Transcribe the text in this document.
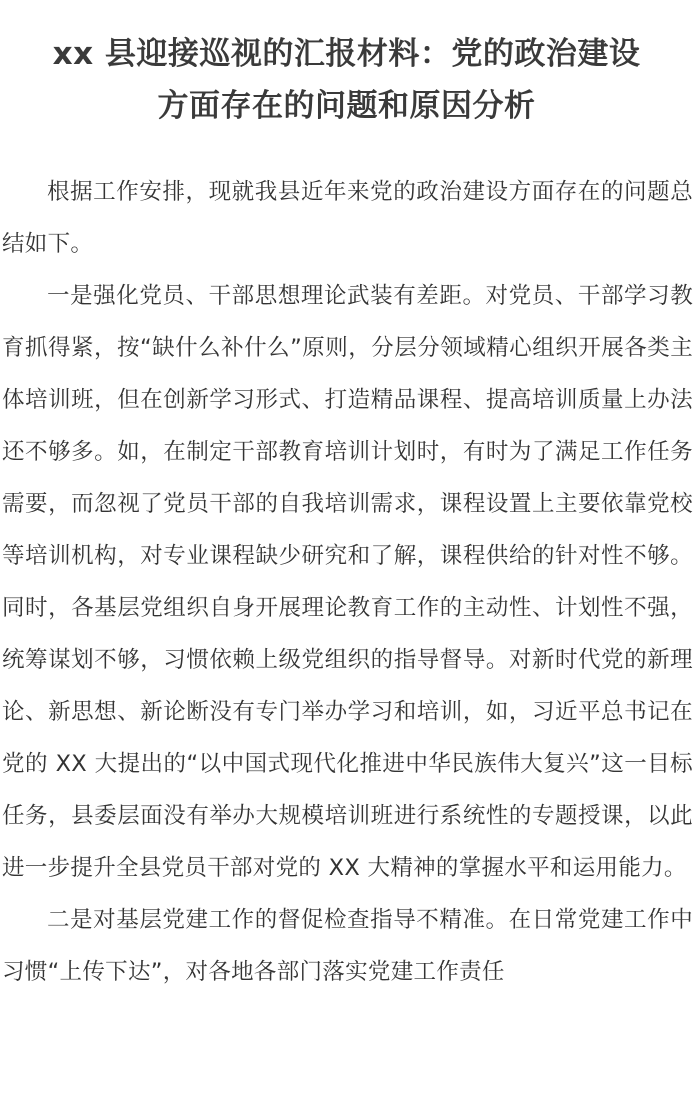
xx 县迎接巡视的汇报材料：党的政治建设
方面存在的问题和原因分析

根据工作安排，现就我县近年来党的政治建设方面存在的问题总结如下。

一是强化党员、干部思想理论武装有差距。对党员、干部学习教育抓得紧，按“缺什么补什么”原则，分层分领域精心组织开展各类主体培训班，但在创新学习形式、打造精品课程、提高培训质量上办法还不够多。如，在制定干部教育培训计划时，有时为了满足工作任务需要，而忽视了党员干部的自我培训需求，课程设置上主要依靠党校等培训机构，对专业课程缺少研究和了解，课程供给的针对性不够。同时，各基层党组织自身开展理论教育工作的主动性、计划性不强，统筹谋划不够，习惯依赖上级党组织的指导督导。对新时代党的新理论、新思想、新论断没有专门举办学习和培训，如，习近平总书记在党的 XX 大提出的“以中国式现代化推进中华民族伟大复兴”这一目标任务，县委层面没有举办大规模培训班进行系统性的专题授课，以此进一步提升全县党员干部对党的 XX 大精神的掌握水平和运用能力。

二是对基层党建工作的督促检查指导不精准。在日常党建工作中习惯“上传下达”，对各地各部门落实党建工作责任
